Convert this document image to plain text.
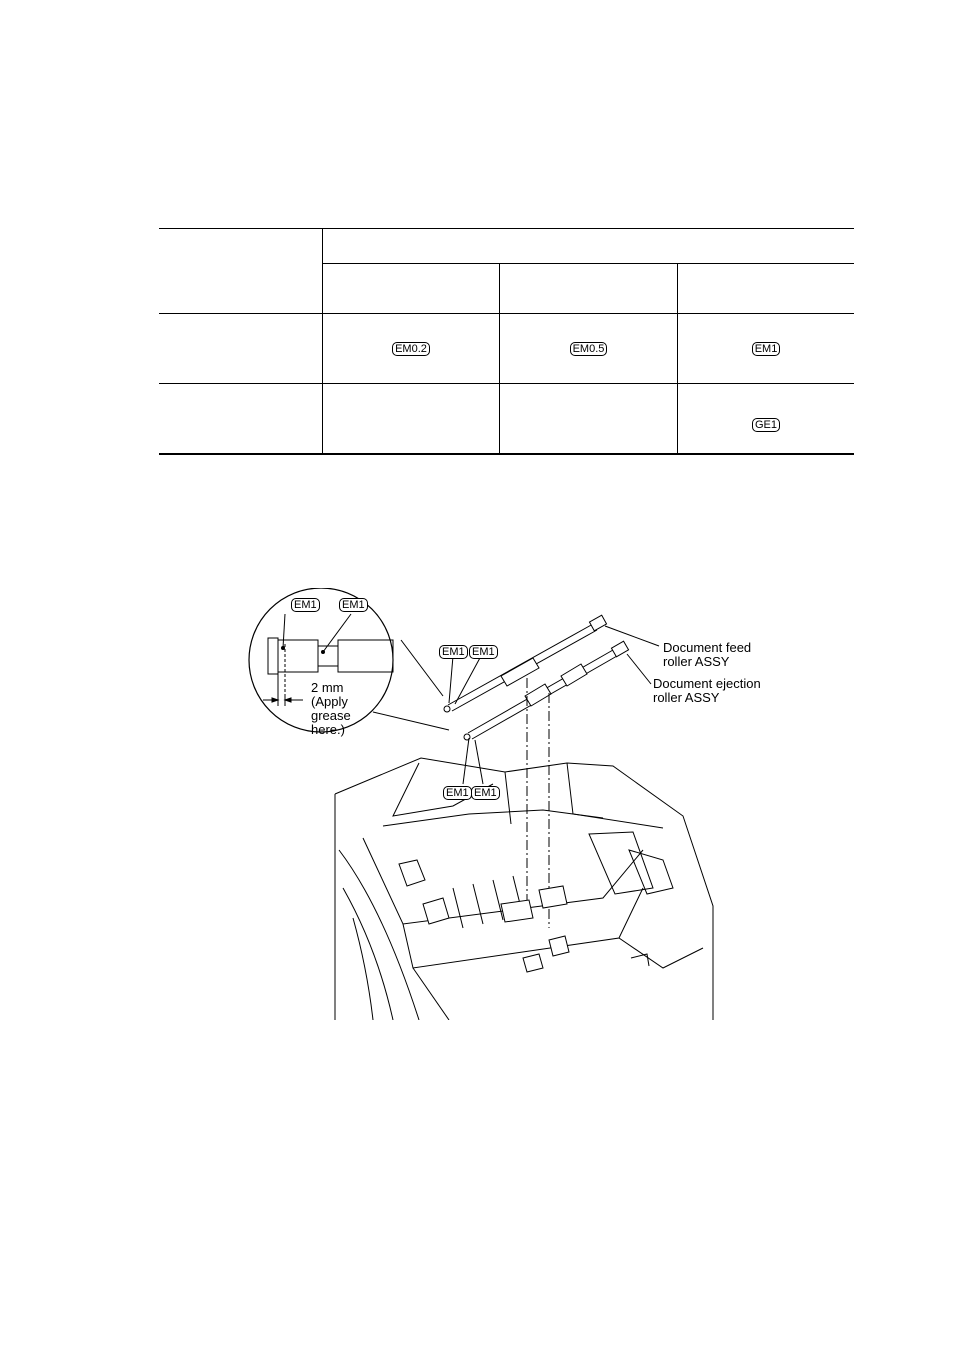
EM0.2	EM0.5	EM1
GE1
EM1 EM1
EM1 EM1
EM1 EM1
2 mm
(Apply
grease
here.)
Document feed
roller ASSY
Document ejection
roller ASSY
